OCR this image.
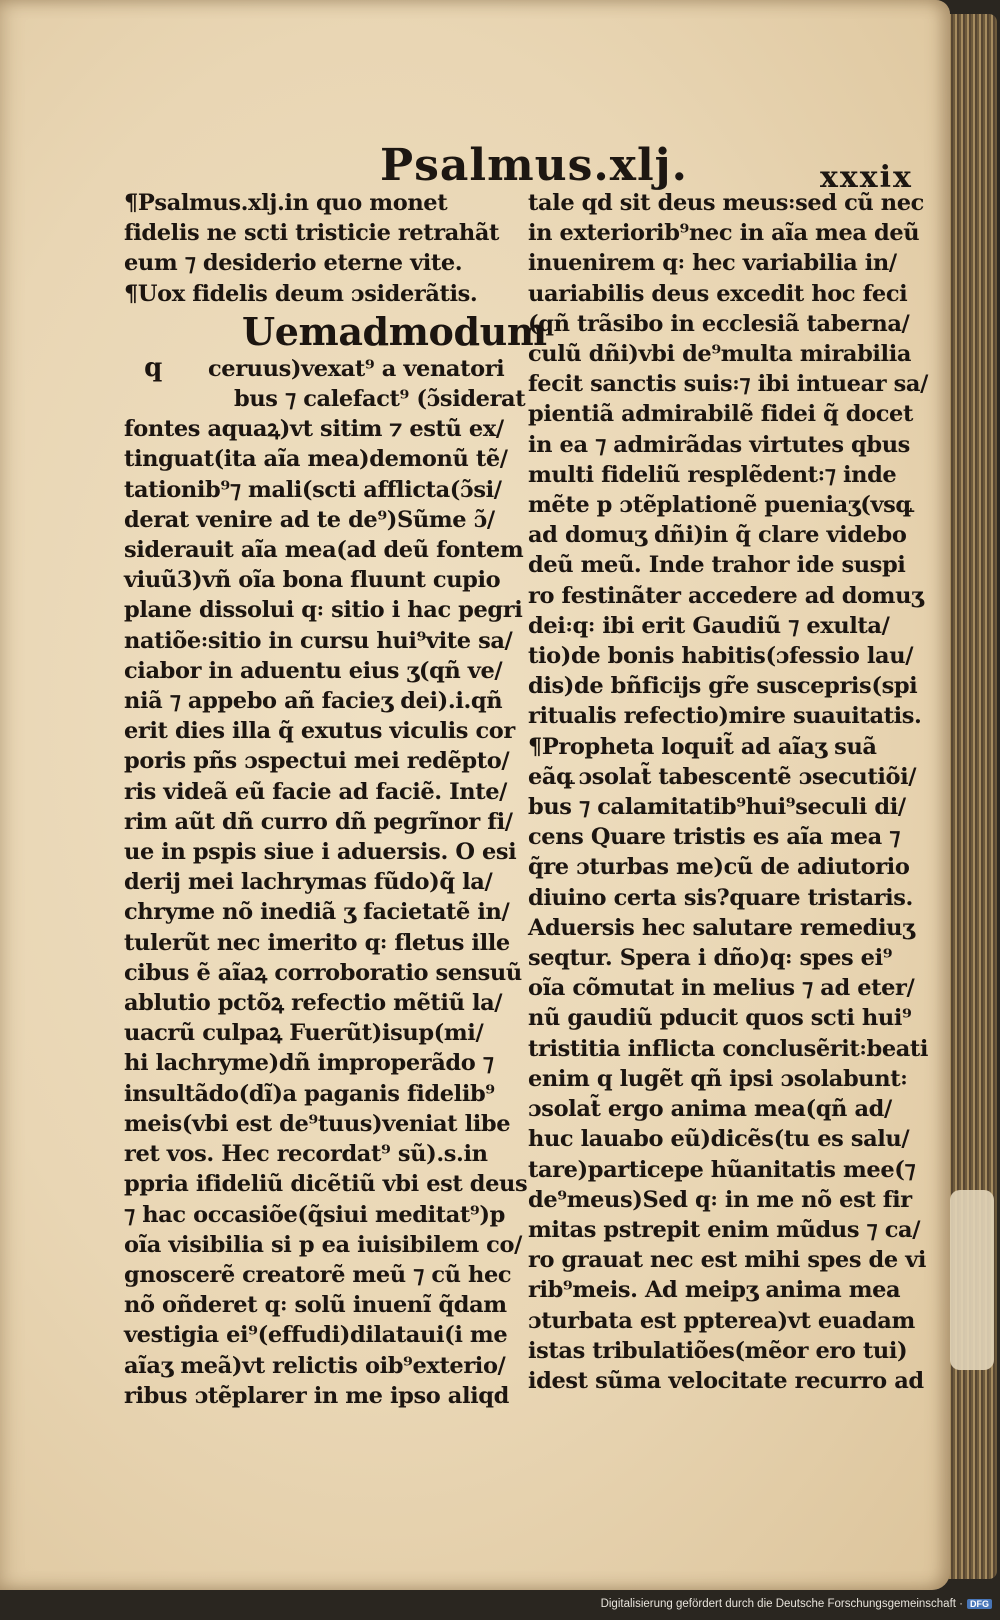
Psalmus.xlj.	xxxix
¶Psalmus.xlj.in quo monet
fidelis ne scti tristicie retrahãt
eum ⁊ desiderio eterne vite.
¶Uox fidelis deum ɔsiderãtis.
Uemadmodum
q ceruus)vexat⁹ a venatori
bus ⁊ calefact⁹ (ɔ̃siderat
fontes aquaꝝ)vt sitim ⁊ estũ ex/
tinguat(ita aĩa mea)demonũ tẽ/
tationib⁹⁊ mali(scti afflicta(ɔ̃si/
derat venire ad te de⁹)Sũme ɔ̃/
siderauit aĩa mea(ad deũ fontem
viuũ3)vñ oĩa bona fluunt cupio
plane dissolui q꞉ sitio i hac pegri
natiõe꞉sitio in cursu hui⁹vite sa/
ciabor in aduentu eius ʒ(qñ ve/
niã ⁊ appebo añ facieʒ dei).i.qñ
erit dies illa q̃ exutus viculis cor
poris pñs ɔspectui mei redẽpto/
ris videã eũ facie ad faciẽ. Inte/
rim aũt dñ curro dñ pegrĩnor fi/
ue in pspis siue i aduersis. O esi
derij mei lachrymas fũdo)q̃ la/
chryme nõ inediã ʒ facietatẽ in/
tulerũt nec imerito q꞉ fletus ille
cibus ẽ aĩaꝝ corroboratio sensuũ
ablutio pctõꝝ refectio mẽtiũ la/
uacrũ culpaꝝ Fuerũt)isup(mi/
hi lachryme)dñ improperãdo ⁊
insultãdo(dĩ)a paganis fidelib⁹
meis(vbi est de⁹tuus)veniat libe
ret vos. Hec recordat⁹ sũ).s.in
ppria ifideliũ dicẽtiũ vbi est deus
⁊ hac occasiõe(q̃siui meditat⁹)p
oĩa visibilia si p ea iuisibilem co/
gnoscerẽ creatorẽ meũ ⁊ cũ hec
nõ oñderet q꞉ solũ inuenĩ q̃dam
vestigia ei⁹(effudi)dilataui(i me
aĩaʒ meã)vt relictis oib⁹exterio/
ribus ɔtẽplarer in me ipso aliqd
tale qd sit deus meus꞉sed cũ nec
in exteriorib⁹nec in aĩa mea deũ
inuenirem q꞉ hec variabilia in/
uariabilis deus excedit hoc feci
(qñ trãsibo in ecclesiã taberna/
culũ dñi)vbi de⁹multa mirabilia
fecit sanctis suis꞉⁊ ibi intuear sa/
pientiã admirabilẽ fidei q̃ docet
in ea ⁊ admirãdas virtutes qbus
multi fideliũ resplẽdent꞉⁊ inde
mẽte p ɔtẽplationẽ pueniaʒ(vsq꜡
ad domuʒ dñi)in q̃ clare videbo
deũ meũ. Inde trahor ide suspi
ro festinãter accedere ad domuʒ
dei꞉q꞉ ibi erit Gaudiũ ⁊ exulta/
tio)de bonis habitis(ɔfessio lau/
dis)de bñficijs gr̃e suscepris(spi
ritualis refectio)mire suauitatis.
¶Propheta loquit̃ ad aĩaʒ suã
eãq꜡ ɔsolat̃ tabescentẽ ɔsecutiõi/
bus ⁊ calamitatib⁹hui⁹seculi di/
cens Quare tristis es aĩa mea ⁊
q̃re ɔturbas me)cũ de adiutorio
diuino certa sis?quare tristaris.
Aduersis hec salutare remediuʒ
seqtur. Spera i dño)q꞉ spes ei⁹
oĩa cõmutat in melius ⁊ ad eter/
nũ gaudiũ pducit quos scti hui⁹
tristitia inflicta conclusẽrit꞉beati
enim q lugẽt qñ ipsi ɔsolabunt꞉
ɔsolat̃ ergo anima mea(qñ ad/
huc lauabo eũ)dicẽs(tu es salu/
tare)particepe hũanitatis mee(⁊
de⁹meus)Sed q꞉ in me nõ est fir
mitas pstrepit enim mũdus ⁊ ca/
ro grauat nec est mihi spes de vi
rib⁹meis. Ad meipʒ anima mea
ɔturbata est ppterea)vt euadam
istas tribulatiões(mẽor ero tui)
idest sũma velocitate recurro ad
Digitalisierung gefördert durch die Deutsche Forschungsgemeinschaft · DFG
